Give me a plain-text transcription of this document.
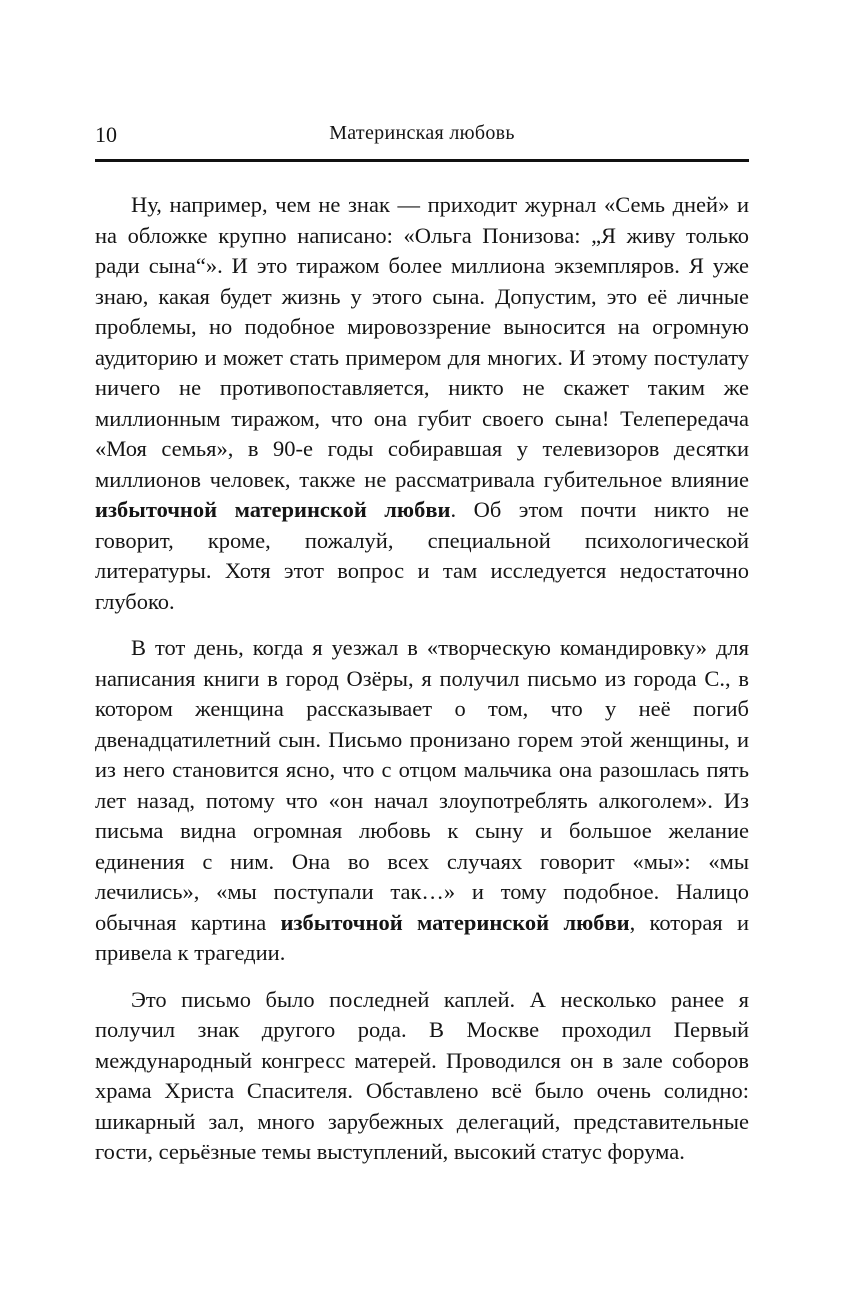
10	Материнская любовь

Ну, например, чем не знак — приходит журнал «Семь дней» и на обложке крупно написано: «Ольга Понизова: „Я живу только ради сына“». И это тиражом более миллиона экземпляров. Я уже знаю, какая будет жизнь у этого сына. Допустим, это её личные проблемы, но подобное мировоззрение выносится на огромную аудиторию и может стать примером для многих. И этому постулату ничего не противопоставляется, никто не скажет таким же миллионным тиражом, что она губит своего сына! Телепередача «Моя семья», в 90-е годы собиравшая у телевизоров десятки миллионов человек, также не рассматривала губительное влияние избыточной материнской любви. Об этом почти никто не говорит, кроме, пожалуй, специальной психологической литературы. Хотя этот вопрос и там исследуется недостаточно глубоко.

В тот день, когда я уезжал в «творческую командировку» для написания книги в город Озёры, я получил письмо из города С., в котором женщина рассказывает о том, что у неё погиб двенадцатилетний сын. Письмо пронизано горем этой женщины, и из него становится ясно, что с отцом мальчика она разошлась пять лет назад, потому что «он начал злоупотреблять алкоголем». Из письма видна огромная любовь к сыну и большое желание единения с ним. Она во всех случаях говорит «мы»: «мы лечились», «мы поступали так…» и тому подобное. Налицо обычная картина избыточной материнской любви, которая и привела к трагедии.

Это письмо было последней каплей. А несколько ранее я получил знак другого рода. В Москве проходил Первый международный конгресс матерей. Проводился он в зале соборов храма Христа Спасителя. Обставлено всё было очень солидно: шикарный зал, много зарубежных делегаций, представительные гости, серьёзные темы выступлений, высокий статус форума.
